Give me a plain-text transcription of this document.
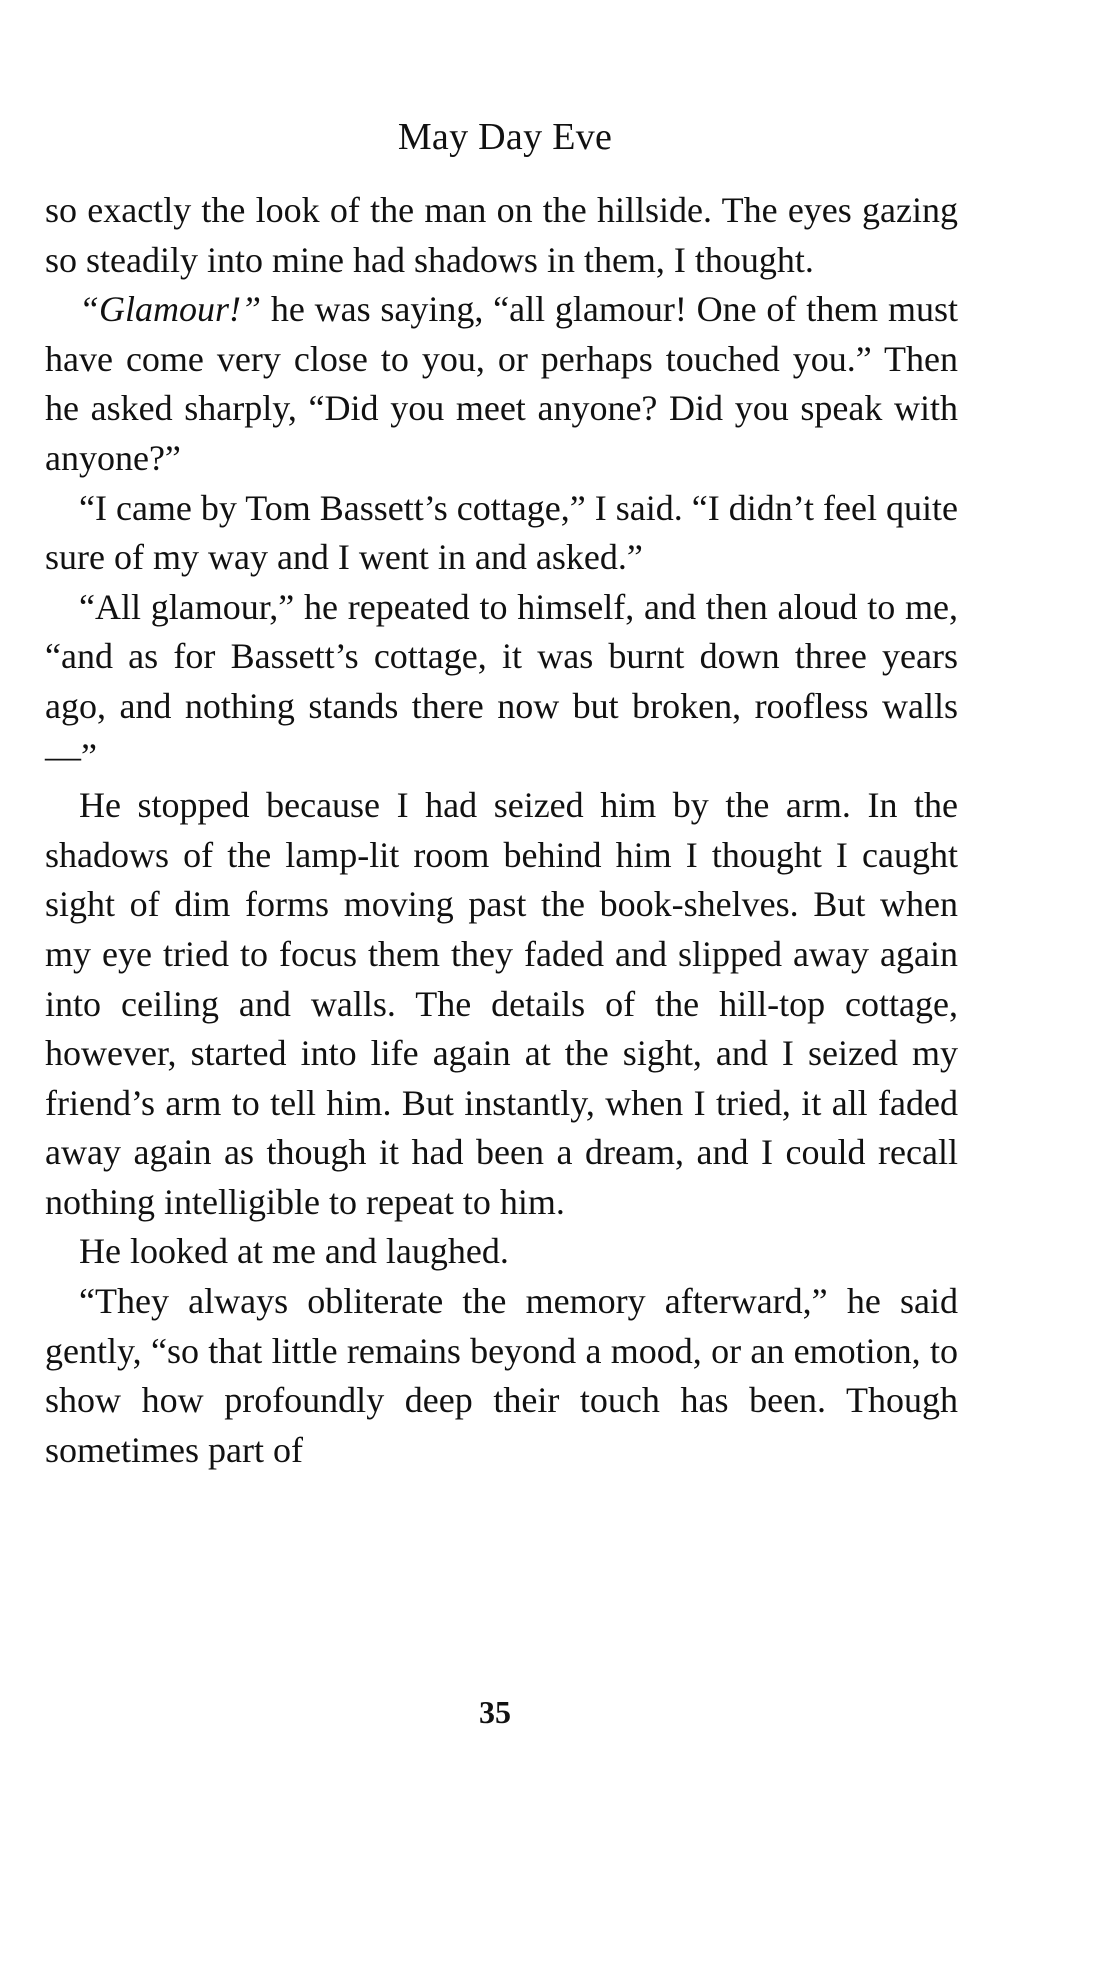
May Day Eve

so exactly the look of the man on the hillside. The eyes gazing so steadily into mine had shadows in them, I thought.

“Glamour!” he was saying, “all glamour! One of them must have come very close to you, or perhaps touched you.” Then he asked sharply, “Did you meet anyone? Did you speak with anyone?”

“I came by Tom Bassett’s cottage,” I said. “I didn’t feel quite sure of my way and I went in and asked.”

“All glamour,” he repeated to himself, and then aloud to me, “and as for Bassett’s cottage, it was burnt down three years ago, and nothing stands there now but broken, roofless walls—”

He stopped because I had seized him by the arm. In the shadows of the lamp-lit room behind him I thought I caught sight of dim forms moving past the book-shelves. But when my eye tried to focus them they faded and slipped away again into ceiling and walls. The details of the hill-top cottage, however, started into life again at the sight, and I seized my friend’s arm to tell him. But instantly, when I tried, it all faded away again as though it had been a dream, and I could recall nothing intelligible to repeat to him.

He looked at me and laughed.

“They always obliterate the memory afterward,” he said gently, “so that little remains beyond a mood, or an emotion, to show how profoundly deep their touch has been. Though sometimes part of

35
